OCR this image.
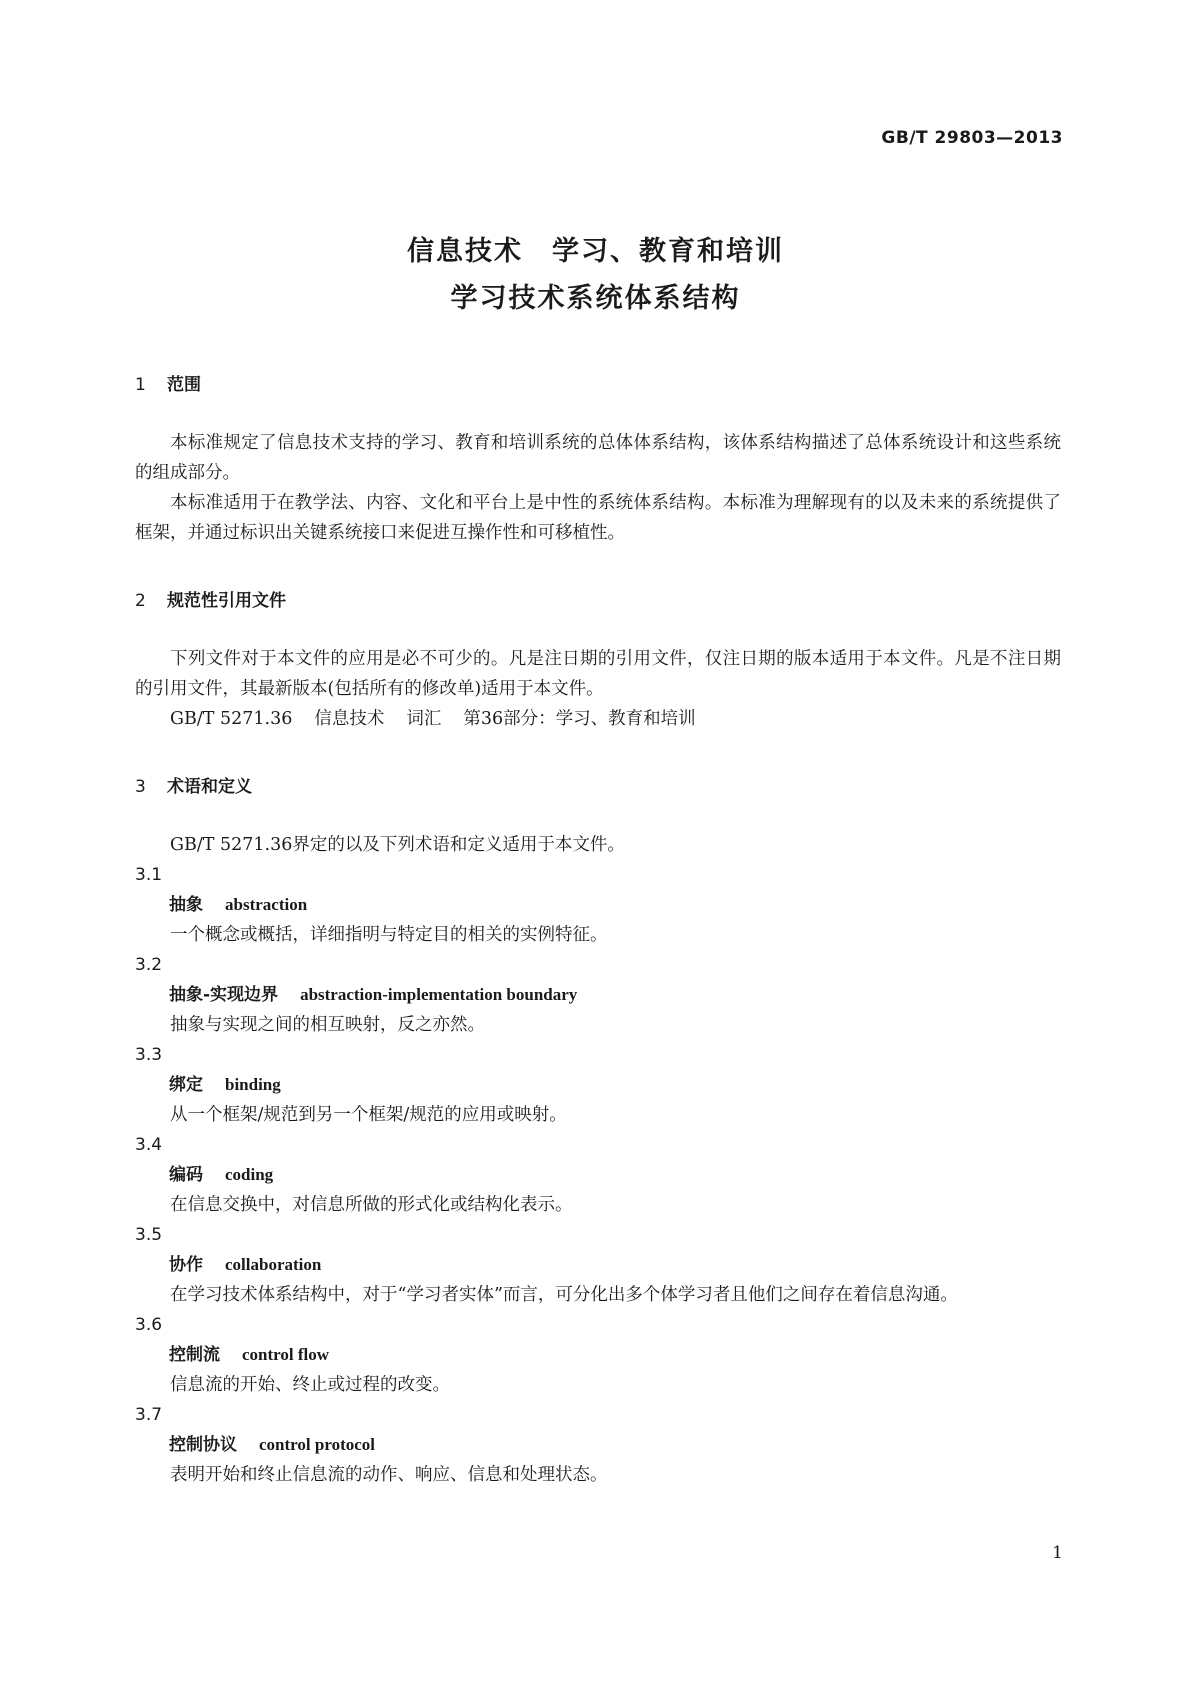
GB/T 29803—2013
信息技术　学习、教育和培训
学习技术系统体系结构
1 范围

本标准规定了信息技术支持的学习、教育和培训系统的总体体系结构，该体系结构描述了总体系统设计和这些系统的组成部分。

本标准适用于在教学法、内容、文化和平台上是中性的系统体系结构。本标准为理解现有的以及未来的系统提供了框架，并通过标识出关键系统接口来促进互操作性和可移植性。

2 规范性引用文件

下列文件对于本文件的应用是必不可少的。凡是注日期的引用文件，仅注日期的版本适用于本文件。凡是不注日期的引用文件，其最新版本(包括所有的修改单)适用于本文件。

GB/T 5271.36 信息技术 词汇 第36部分：学习、教育和培训
3 术语和定义

GB/T 5271.36界定的以及下列术语和定义适用于本文件。

3.1
抽象 abstraction

一个概念或概括，详细指明与特定目的相关的实例特征。

3.2
抽象-实现边界 abstraction-implementation boundary

抽象与实现之间的相互映射，反之亦然。

3.3
绑定 binding

从一个框架/规范到另一个框架/规范的应用或映射。

3.4
编码 coding

在信息交换中，对信息所做的形式化或结构化表示。

3.5
协作 collaboration

在学习技术体系结构中，对于“学习者实体”而言，可分化出多个体学习者且他们之间存在着信息沟通。

3.6
控制流 control flow

信息流的开始、终止或过程的改变。

3.7
控制协议 control protocol

表明开始和终止信息流的动作、响应、信息和处理状态。

1
